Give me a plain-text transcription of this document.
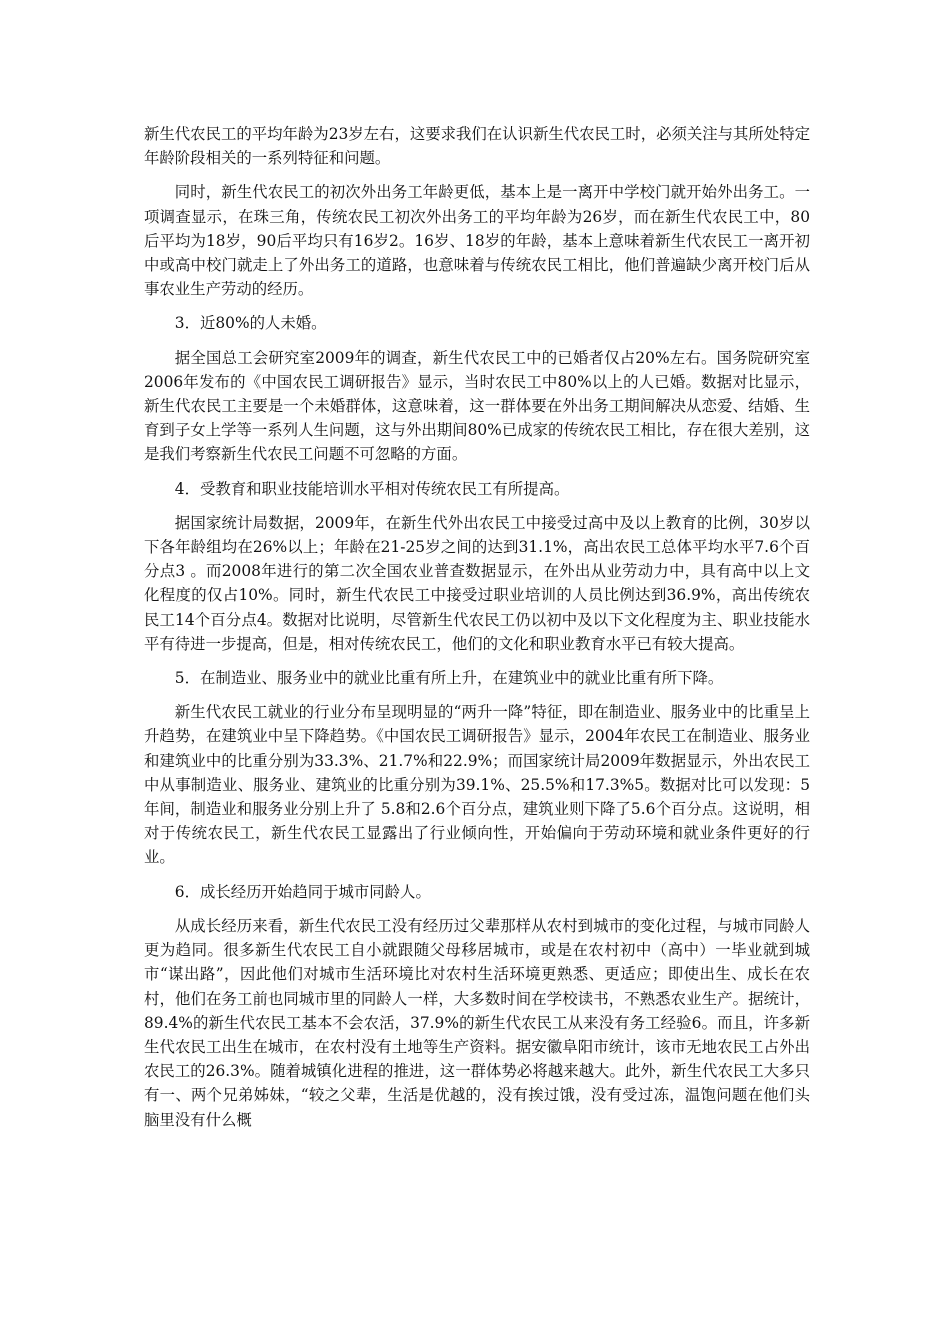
新生代农民工的平均年龄为23岁左右，这要求我们在认识新生代农民工时，必须关注与其所处特定年龄阶段相关的一系列特征和问题。

同时，新生代农民工的初次外出务工年龄更低，基本上是一离开中学校门就开始外出务工。一项调查显示，在珠三角，传统农民工初次外出务工的平均年龄为26岁，而在新生代农民工中，80后平均为18岁，90后平均只有16岁2。16岁、18岁的年龄，基本上意味着新生代农民工一离开初中或高中校门就走上了外出务工的道路，也意味着与传统农民工相比，他们普遍缺少离开校门后从事农业生产劳动的经历。

3．近80%的人未婚。

据全国总工会研究室2009年的调查，新生代农民工中的已婚者仅占20%左右。国务院研究室2006年发布的《中国农民工调研报告》显示，当时农民工中80%以上的人已婚。数据对比显示，新生代农民工主要是一个未婚群体，这意味着，这一群体要在外出务工期间解决从恋爱、结婚、生育到子女上学等一系列人生问题，这与外出期间80%已成家的传统农民工相比，存在很大差别，这是我们考察新生代农民工问题不可忽略的方面。

4．受教育和职业技能培训水平相对传统农民工有所提高。

据国家统计局数据，2009年，在新生代外出农民工中接受过高中及以上教育的比例，30岁以下各年龄组均在26%以上；年龄在21-25岁之间的达到31.1%，高出农民工总体平均水平7.6个百分点3 。而2008年进行的第二次全国农业普查数据显示，在外出从业劳动力中，具有高中以上文化程度的仅占10%。同时，新生代农民工中接受过职业培训的人员比例达到36.9%，高出传统农民工14个百分点4。数据对比说明，尽管新生代农民工仍以初中及以下文化程度为主、职业技能水平有待进一步提高，但是，相对传统农民工，他们的文化和职业教育水平已有较大提高。

5．在制造业、服务业中的就业比重有所上升，在建筑业中的就业比重有所下降。

新生代农民工就业的行业分布呈现明显的“两升一降”特征，即在制造业、服务业中的比重呈上升趋势，在建筑业中呈下降趋势。《中国农民工调研报告》显示，2004年农民工在制造业、服务业和建筑业中的比重分别为33.3%、21.7%和22.9%；而国家统计局2009年数据显示，外出农民工中从事制造业、服务业、建筑业的比重分别为39.1%、25.5%和17.3%5。数据对比可以发现：5年间，制造业和服务业分别上升了 5.8和2.6个百分点，建筑业则下降了5.6个百分点。这说明，相对于传统农民工，新生代农民工显露出了行业倾向性，开始偏向于劳动环境和就业条件更好的行业。

6．成长经历开始趋同于城市同龄人。

从成长经历来看，新生代农民工没有经历过父辈那样从农村到城市的变化过程，与城市同龄人更为趋同。很多新生代农民工自小就跟随父母移居城市，或是在农村初中（高中）一毕业就到城市“谋出路”，因此他们对城市生活环境比对农村生活环境更熟悉、更适应；即使出生、成长在农村，他们在务工前也同城市里的同龄人一样，大多数时间在学校读书，不熟悉农业生产。据统计，89.4%的新生代农民工基本不会农活，37.9%的新生代农民工从来没有务工经验6。而且，许多新生代农民工出生在城市，在农村没有土地等生产资料。据安徽阜阳市统计，该市无地农民工占外出农民工的26.3%。随着城镇化进程的推进，这一群体势必将越来越大。此外，新生代农民工大多只有一、两个兄弟姊妹，“较之父辈，生活是优越的，没有挨过饿，没有受过冻，温饱问题在他们头脑里没有什么概
